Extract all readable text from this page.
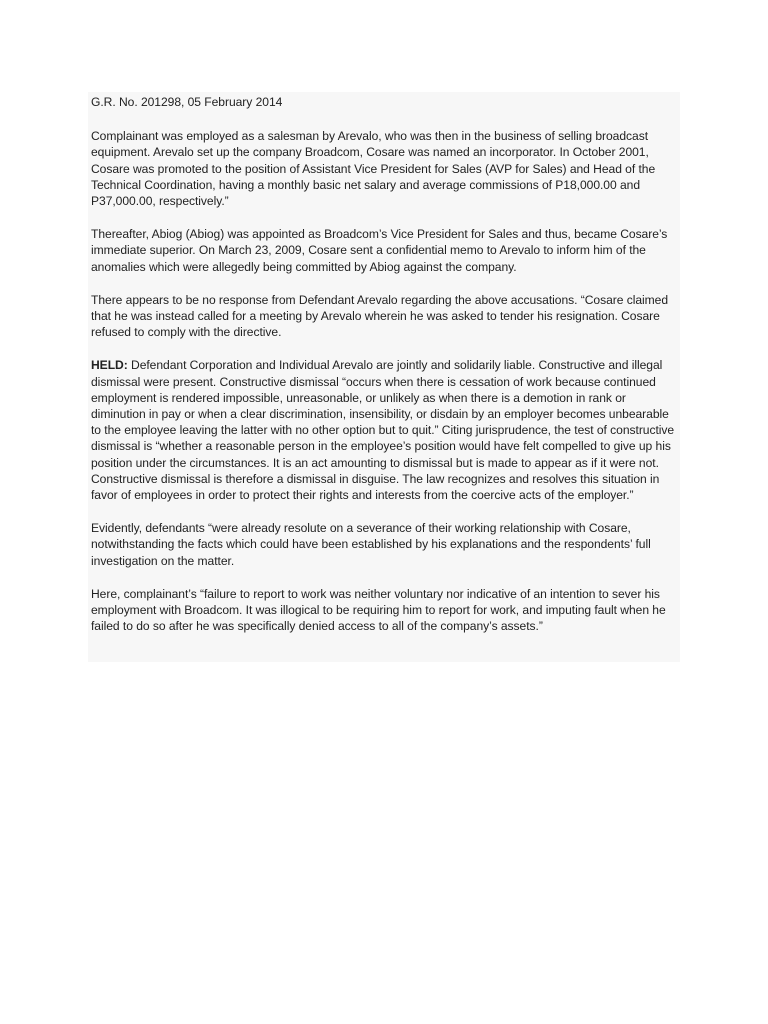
G.R. No. 201298, 05 February 2014

Complainant was employed as a salesman by Arevalo, who was then in the business of selling broadcast equipment. Arevalo set up the company Broadcom, Cosare was named an incorporator. In October 2001, Cosare was promoted to the position of Assistant Vice President for Sales (AVP for Sales) and Head of the Technical Coordination, having a monthly basic net salary and average commissions of P18,000.00 and P37,000.00, respectively.”

Thereafter, Abiog (Abiog) was appointed as Broadcom’s Vice President for Sales and thus, became Cosare’s immediate superior. On March 23, 2009, Cosare sent a confidential memo to Arevalo to inform him of the anomalies which were allegedly being committed by Abiog against the company.

There appears to be no response from Defendant Arevalo regarding the above accusations. “Cosare claimed that he was instead called for a meeting by Arevalo wherein he was asked to tender his resignation. Cosare refused to comply with the directive.

HELD: Defendant Corporation and Individual Arevalo are jointly and solidarily liable. Constructive and illegal dismissal were present. Constructive dismissal “occurs when there is cessation of work because continued employment is rendered impossible, unreasonable, or unlikely as when there is a demotion in rank or diminution in pay or when a clear discrimination, insensibility, or disdain by an employer becomes unbearable to the employee leaving the latter with no other option but to quit.” Citing jurisprudence, the test of constructive dismissal is “whether a reasonable person in the employee’s position would have felt compelled to give up his position under the circumstances. It is an act amounting to dismissal but is made to appear as if it were not. Constructive dismissal is therefore a dismissal in disguise. The law recognizes and resolves this situation in favor of employees in order to protect their rights and interests from the coercive acts of the employer.”

Evidently, defendants “were already resolute on a severance of their working relationship with Cosare, notwithstanding the facts which could have been established by his explanations and the respondents’ full investigation on the matter.

Here, complainant’s “failure to report to work was neither voluntary nor indicative of an intention to sever his employment with Broadcom. It was illogical to be requiring him to report for work, and imputing fault when he failed to do so after he was specifically denied access to all of the company’s assets.”
